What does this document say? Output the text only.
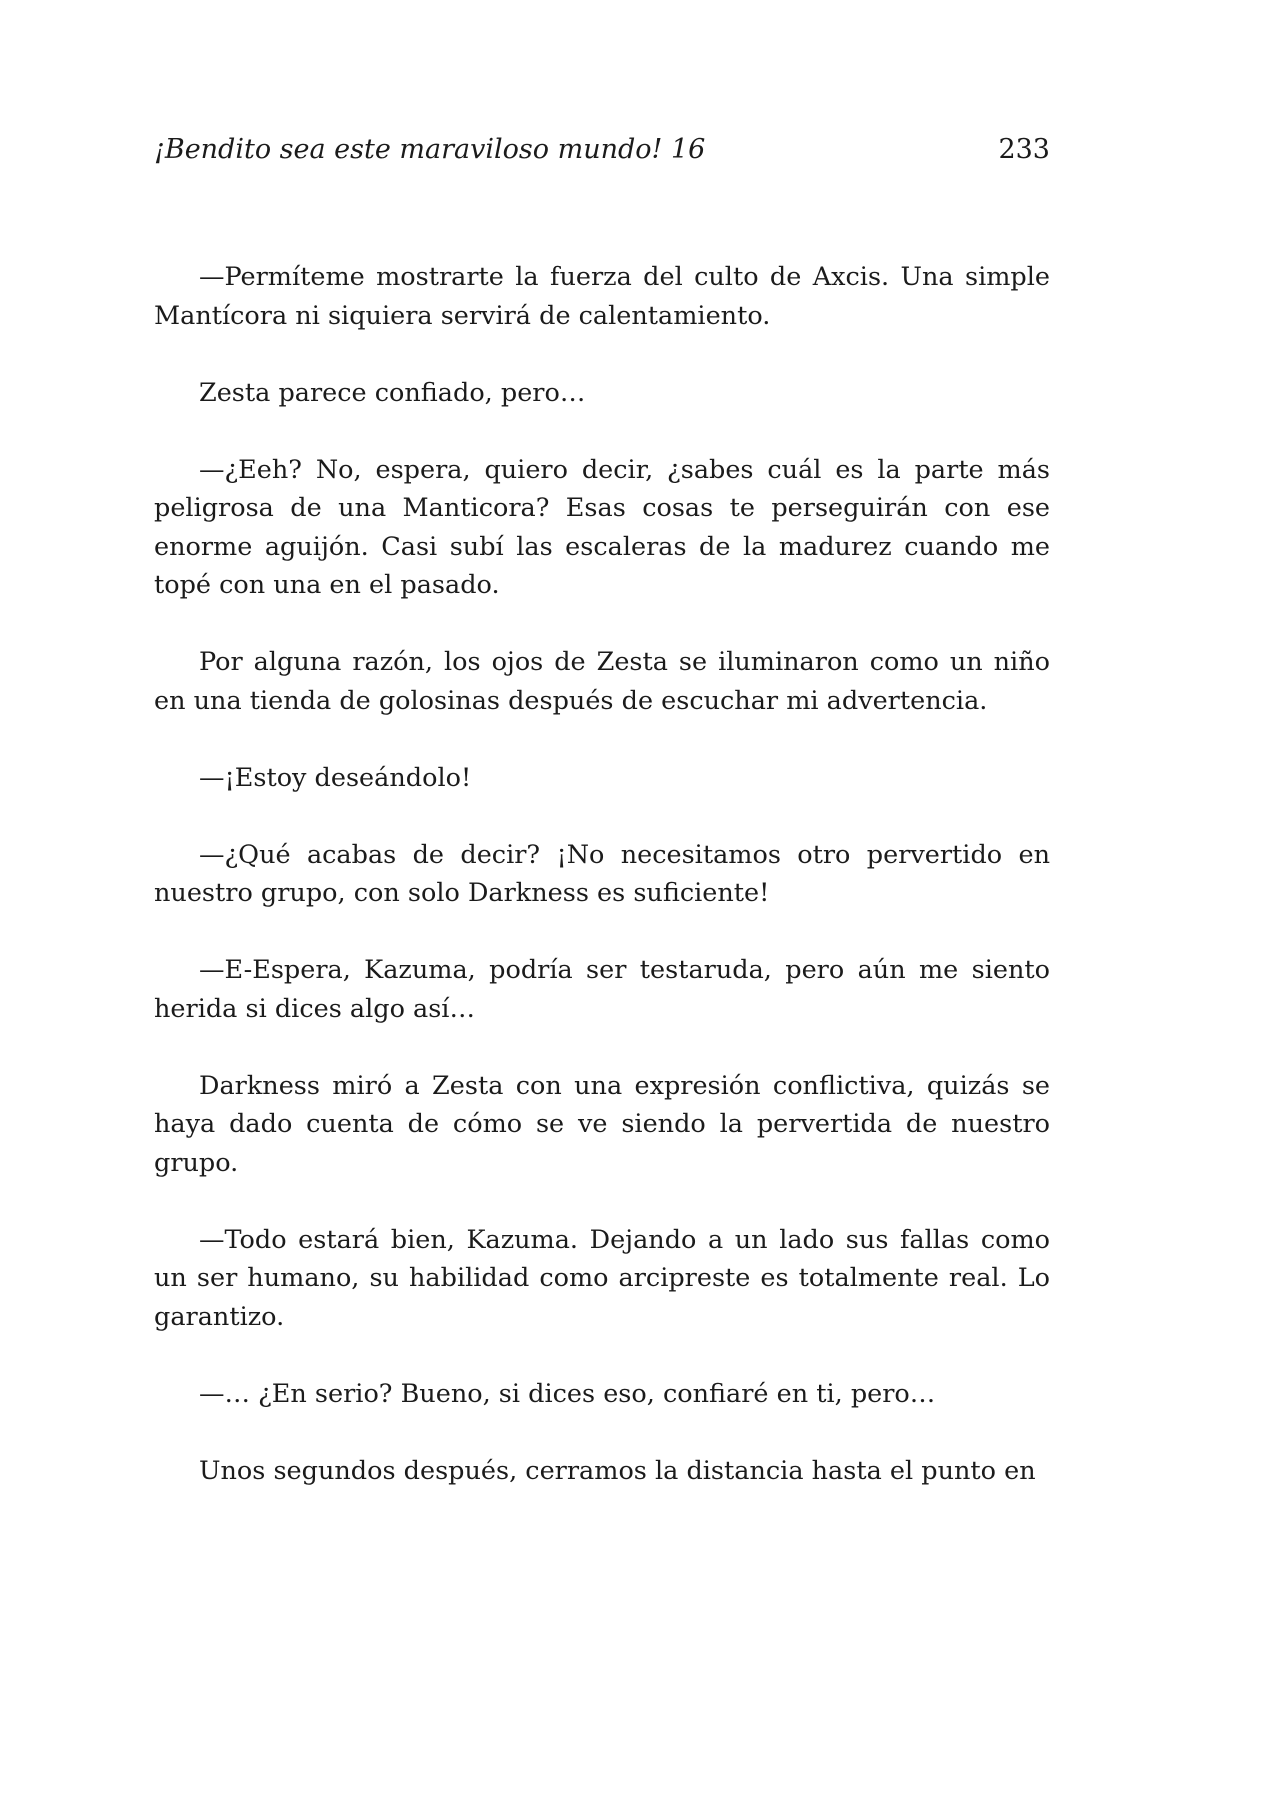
¡Bendito sea este maraviloso mundo! 16	233

—Permíteme mostrarte la fuerza del culto de Axcis. Una simple Mantícora ni siquiera servirá de calentamiento.

Zesta parece confiado, pero…

—¿Eeh? No, espera, quiero decir, ¿sabes cuál es la parte más peligrosa de una Manticora? Esas cosas te perseguirán con ese enorme aguijón. Casi subí las escaleras de la madurez cuando me topé con una en el pasado.

Por alguna razón, los ojos de Zesta se iluminaron como un niño en una tienda de golosinas después de escuchar mi advertencia.

—¡Estoy deseándolo!

—¿Qué acabas de decir? ¡No necesitamos otro pervertido en nuestro grupo, con solo Darkness es suficiente!

—E-Espera, Kazuma, podría ser testaruda, pero aún me siento herida si dices algo así…

Darkness miró a Zesta con una expresión conflictiva, quizás se haya dado cuenta de cómo se ve siendo la pervertida de nuestro grupo.

—Todo estará bien, Kazuma. Dejando a un lado sus fallas como un ser humano, su habilidad como arcipreste es totalmente real. Lo garantizo.

—… ¿En serio? Bueno, si dices eso, confiaré en ti, pero…

Unos segundos después, cerramos la distancia hasta el punto en
